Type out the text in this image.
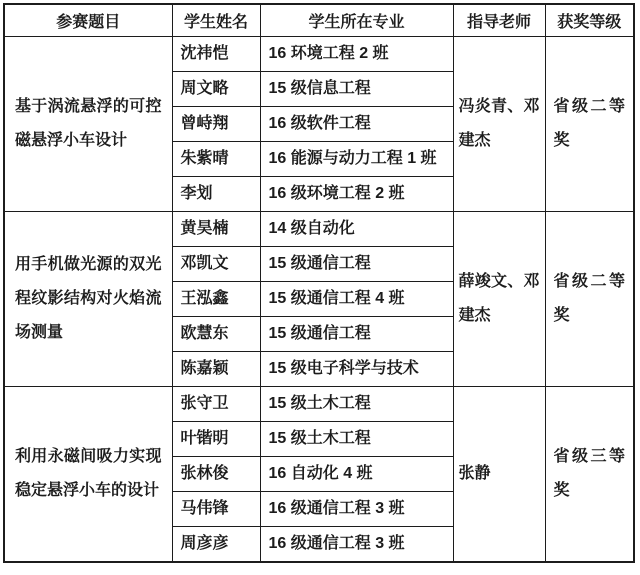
参赛题目	学生姓名	学生所在专业	指导老师	获奖等级
基于涡流悬浮的可控磁悬浮小车设计	沈祎恺	16 环境工程 2 班	冯炎青、邓建杰	省级二等奖
	周文略	15 级信息工程		
	曾峙翔	16 级软件工程		
	朱紫晴	16 能源与动力工程 1 班		
	李划	16 级环境工程 2 班		
用手机做光源的双光程纹影结构对火焰流场测量	黄昊楠	14 级自动化	薛竣文、邓建杰	省级二等奖
	邓凯文	15 级通信工程		
	王泓鑫	15 级通信工程 4 班		
	欧慧东	15 级通信工程		
	陈嘉颖	15 级电子科学与技术		
利用永磁间吸力实现稳定悬浮小车的设计	张守卫	15 级土木工程	张静	省级三等奖
	叶锴明	15 级土木工程		
	张林俊	16 自动化 4 班		
	马伟锋	16 级通信工程 3 班		
	周彦彦	16 级通信工程 3 班		
